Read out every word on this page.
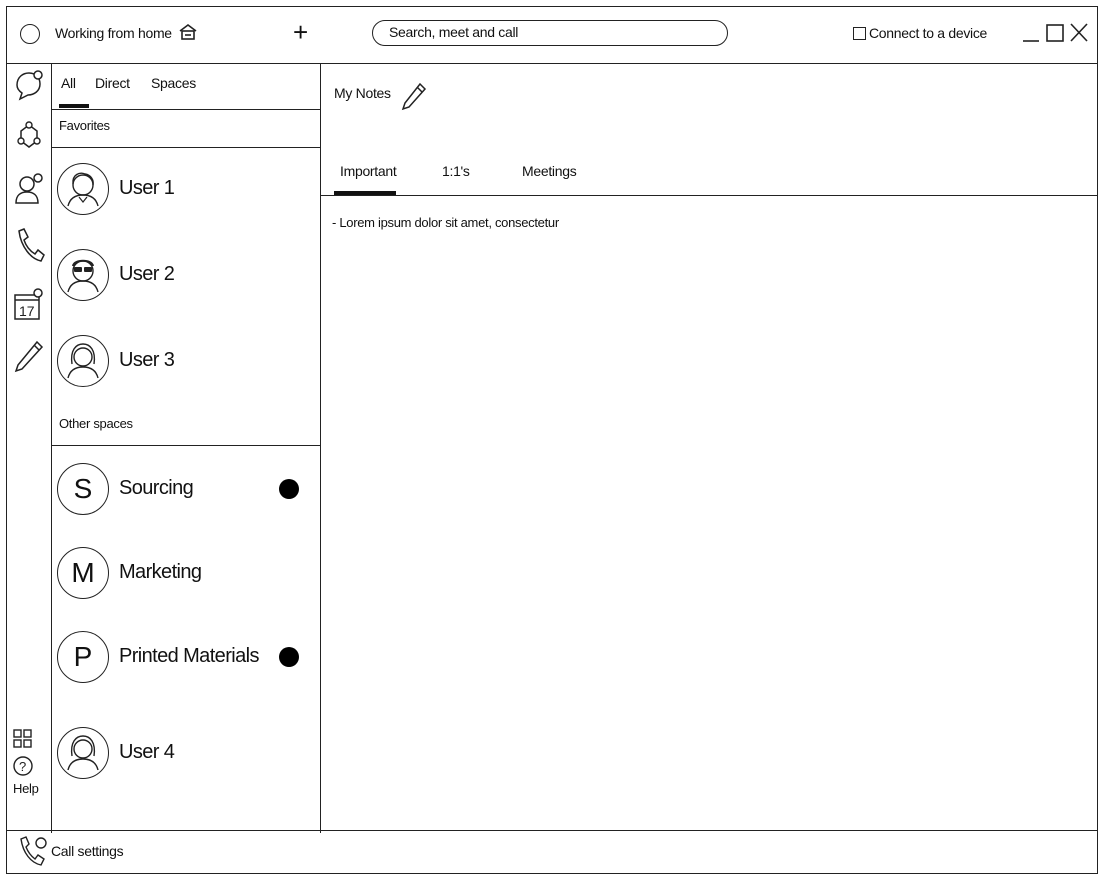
Working from home	+	Search, meet and call	Connect to a device
17
?
Help
All Direct Spaces
Favorites
User 1
User 2
User 3
Other spaces
S	Sourcing
M	Marketing
P	Printed Materials
User 4
My Notes
Important	1:1's	Meetings
- Lorem ipsum dolor sit amet, consectetur
Call settings
